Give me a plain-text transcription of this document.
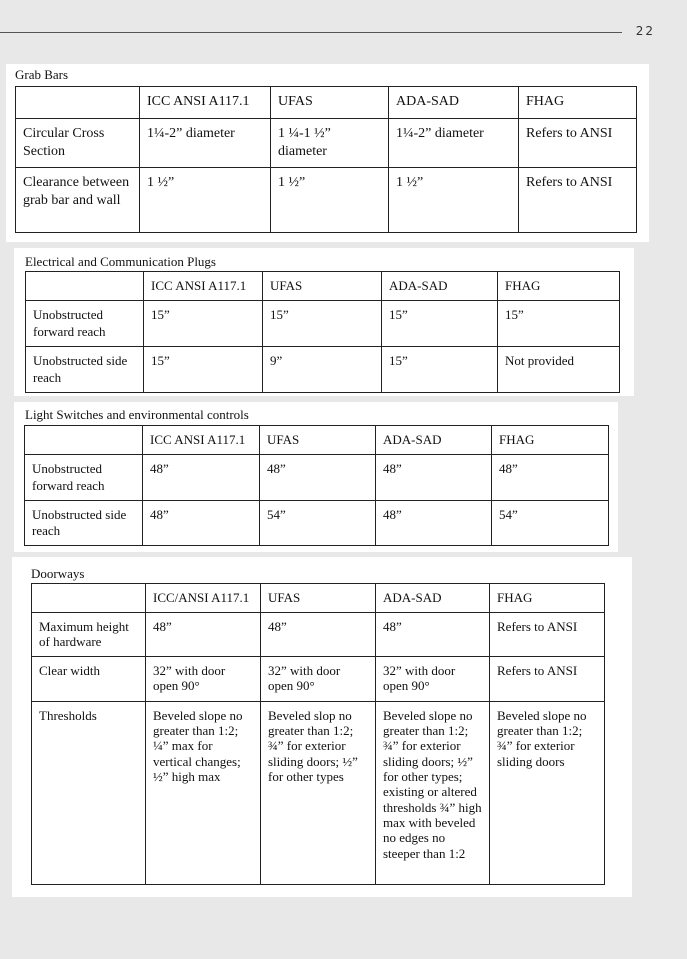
22
Grab Bars
	ICC ANSI A117.1	UFAS	ADA-SAD	FHAG
Circular Cross Section	1¼-2” diameter	1 ¼-1 ½” diameter	1¼-2” diameter	Refers to ANSI
Clearance between grab bar and wall	1 ½”	1 ½”	1 ½”	Refers to ANSI
Electrical and Communication Plugs
	ICC ANSI A117.1	UFAS	ADA-SAD	FHAG
Unobstructed forward reach	15”	15”	15”	15”
Unobstructed side reach	15”	9”	15”	Not provided
Light Switches and environmental controls
	ICC ANSI A117.1	UFAS	ADA-SAD	FHAG
Unobstructed forward reach	48”	48”	48”	48”
Unobstructed side reach	48”	54”	48”	54”
Doorways
	ICC/ANSI A117.1	UFAS	ADA-SAD	FHAG
Maximum height of hardware	48”	48”	48”	Refers to ANSI
Clear width	32” with door open 90°	32” with door open 90°	32” with door open 90°	Refers to ANSI
Thresholds	Beveled slope no greater than 1:2; ¼” max for vertical changes; ½” high max	Beveled slop no greater than 1:2; ¾” for exterior sliding doors; ½” for other types	Beveled slope no greater than 1:2; ¾” for exterior sliding doors; ½” for other types; existing or altered thresholds ¾” high max with beveled no edges no steeper than 1:2	Beveled slope no greater than 1:2; ¾” for exterior sliding doors
